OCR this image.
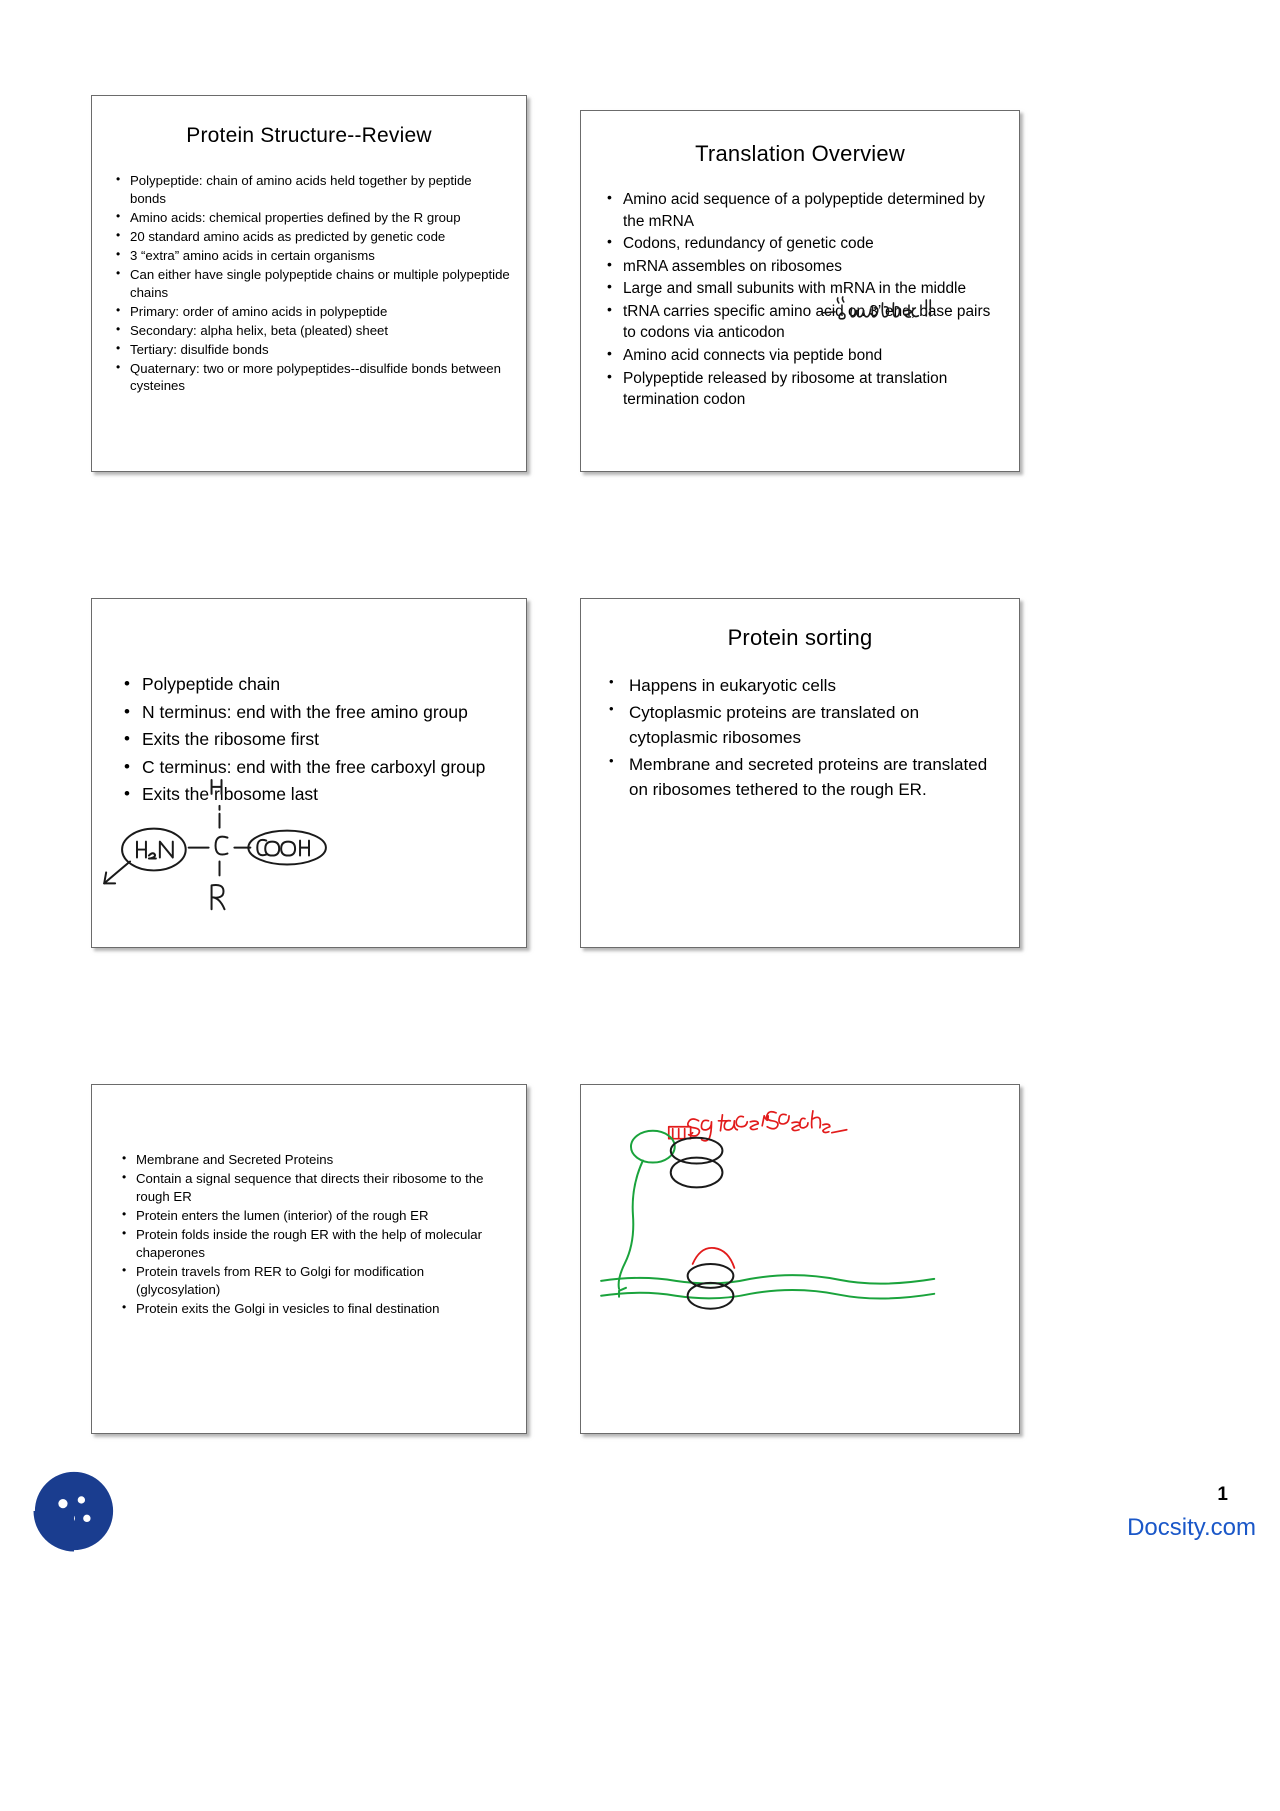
Protein Structure--Review
• Polypeptide: chain of amino acids held together by peptide bonds
• Amino acids: chemical properties defined by the R group
• 20 standard amino acids as predicted by genetic code
• 3 “extra” amino acids in certain organisms
• Can either have single polypeptide chains or multiple polypeptide chains
• Primary: order of amino acids in polypeptide
• Secondary: alpha helix, beta (pleated) sheet
• Tertiary: disulfide bonds
• Quaternary: two or more polypeptides--disulfide bonds between cysteines
Translation Overview
• Amino acid sequence of a polypeptide determined by the mRNA
• Codons, redundancy of genetic code
• mRNA assembles on ribosomes
• Large and small subunits with mRNA in the middle
• tRNA carries specific amino acid on 3’ end; base pairs to codons via anticodon
• Amino acid connects via peptide bond
• Polypeptide released by ribosome at translation termination codon
• Polypeptide chain
• N terminus: end with the free amino group
• Exits the ribosome first
• C terminus: end with the free carboxyl group
• Exits the ribosome last
Protein sorting
• Happens in eukaryotic cells
• Cytoplasmic proteins are translated on cytoplasmic ribosomes
• Membrane and secreted proteins are translated on ribosomes tethered to the rough ER.
• Membrane and Secreted Proteins
• Contain a signal sequence that directs their ribosome to the rough ER
• Protein enters the lumen (interior) of the rough ER
• Protein folds inside the rough ER with the help of molecular chaperones
• Protein travels from RER to Golgi for modification (glycosylation)
• Protein exits the Golgi in vesicles to final destination
1
Docsity.com
